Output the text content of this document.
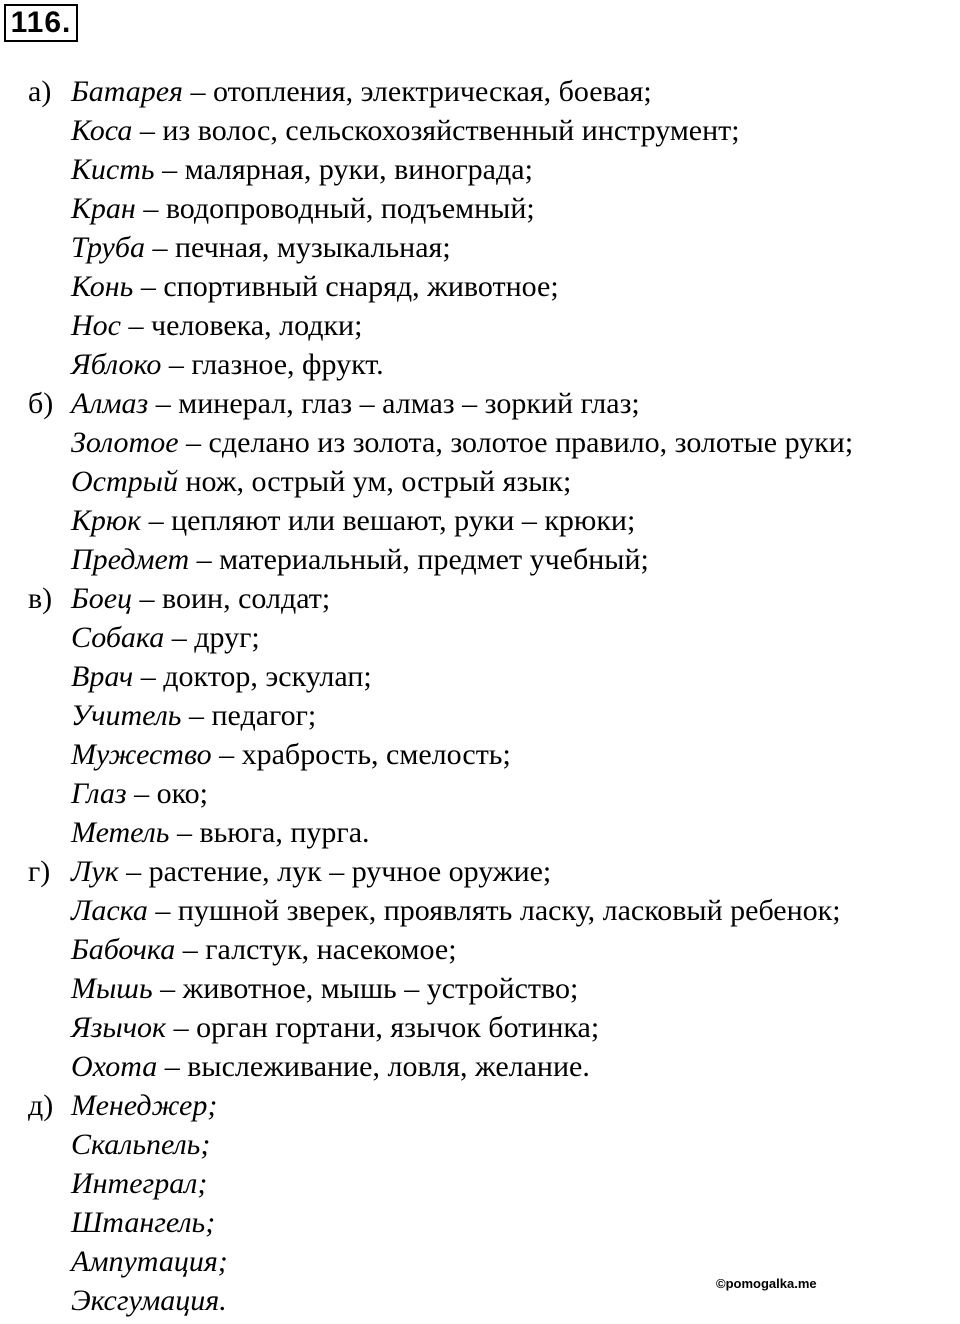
116.
а) Батарея – отопления, электрическая, боевая;
Коса – из волос, сельскохозяйственный инструмент;
Кисть – малярная, руки, винограда;
Кран – водопроводный, подъемный;
Труба – печная, музыкальная;
Конь – спортивный снаряд, животное;
Нос – человека, лодки;
Яблоко – глазное, фрукт.
б) Алмаз – минерал, глаз – алмаз – зоркий глаз;
Золотое – сделано из золота, золотое правило, золотые руки;
Острый нож, острый ум, острый язык;
Крюк – цепляют или вешают, руки – крюки;
Предмет – материальный, предмет учебный;
в) Боец – воин, солдат;
Собака – друг;
Врач – доктор, эскулап;
Учитель – педагог;
Мужество – храбрость, смелость;
Глаз – око;
Метель – вьюга, пурга.
г) Лук – растение, лук – ручное оружие;
Ласка – пушной зверек, проявлять ласку, ласковый ребенок;
Бабочка – галстук, насекомое;
Мышь – животное, мышь – устройство;
Язычок – орган гортани, язычок ботинка;
Охота – выслеживание, ловля, желание.
д) Менеджер;
Скальпель;
Интеграл;
Штангель;
Ампутация;
Эксгумация.
©pomogalka.me
